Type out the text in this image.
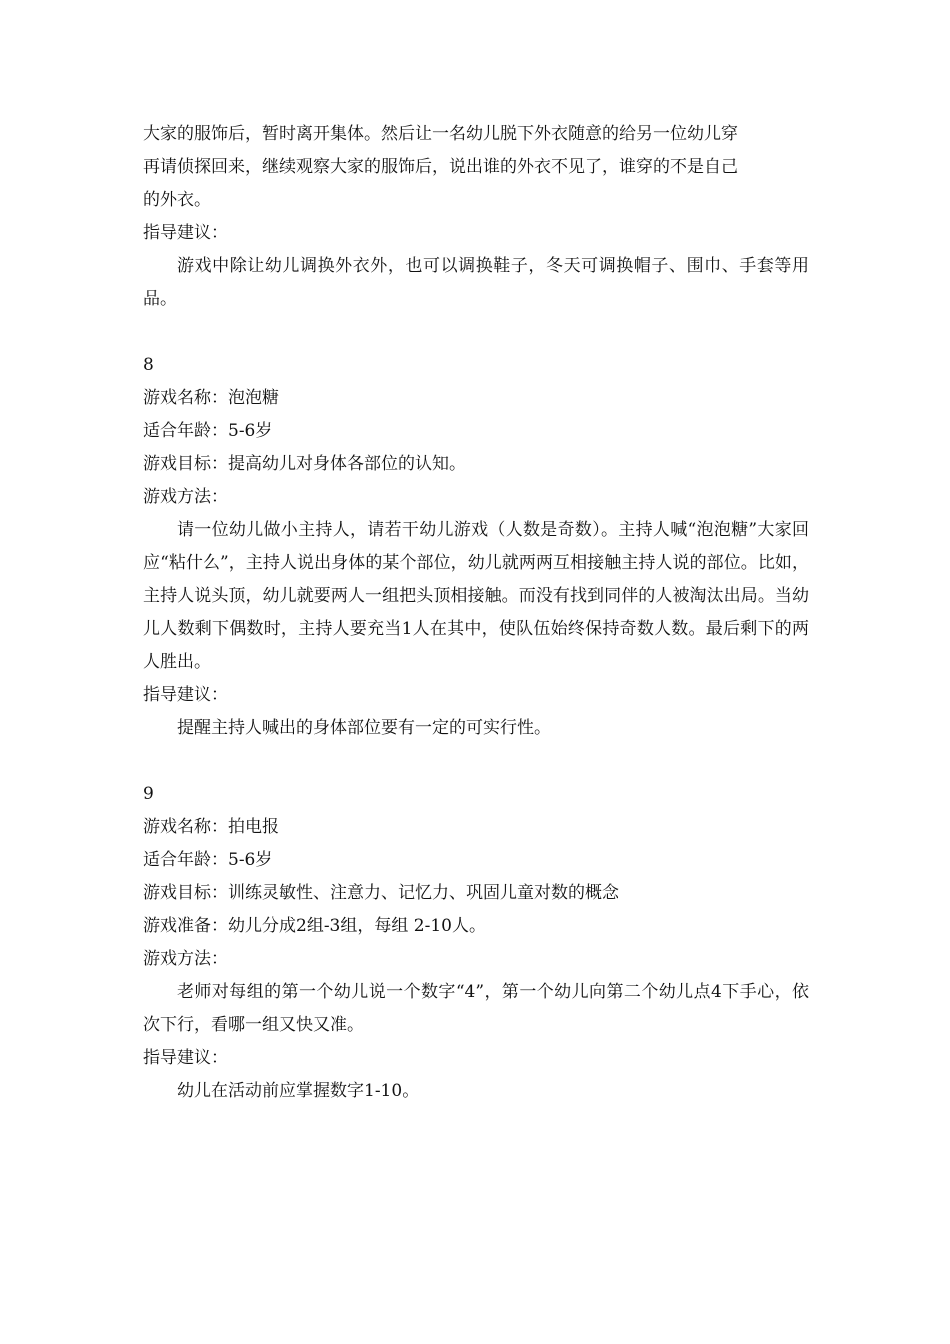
大家的服饰后，暂时离开集体。然后让一名幼儿脱下外衣随意的给另一位幼儿穿

再请侦探回来，继续观察大家的服饰后，说出谁的外衣不见了，谁穿的不是自己

的外衣。

指导建议：

游戏中除让幼儿调换外衣外，也可以调换鞋子，冬天可调换帽子、围巾、手套等用品。

8

游戏名称：泡泡糖

适合年龄：5-6岁

游戏目标：提高幼儿对身体各部位的认知。

游戏方法：

请一位幼儿做小主持人，请若干幼儿游戏（人数是奇数）。主持人喊“泡泡糖”大家回应“粘什么”，主持人说出身体的某个部位，幼儿就两两互相接触主持人说的部位。比如，主持人说头顶，幼儿就要两人一组把头顶相接触。而没有找到同伴的人被淘汰出局。当幼儿人数剩下偶数时，主持人要充当1人在其中，使队伍始终保持奇数人数。最后剩下的两人胜出。

指导建议：

提醒主持人喊出的身体部位要有一定的可实行性。

9

游戏名称：拍电报

适合年龄：5-6岁

游戏目标：训练灵敏性、注意力、记忆力、巩固儿童对数的概念

游戏准备：幼儿分成2组-3组，每组 2-10人。

游戏方法：

老师对每组的第一个幼儿说一个数字“4”，第一个幼儿向第二个幼儿点4下手心，依次下行，看哪一组又快又准。

指导建议：

幼儿在活动前应掌握数字1-10。
